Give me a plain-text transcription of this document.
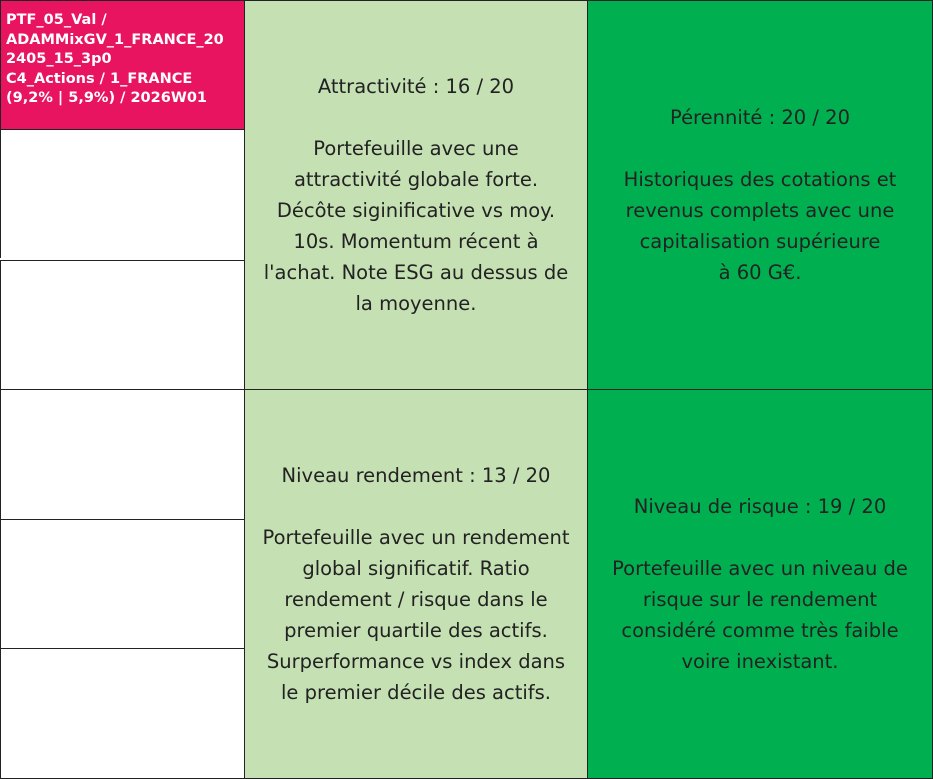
PTF_05_Val /
ADAMMixGV_1_FRANCE_20
2405_15_3p0
C4_Actions / 1_FRANCE
(9,2% | 5,9%) / 2026W01	Attractivité : 16 / 20
Portefeuille avec une
attractivité globale forte.
Décôte siginificative vs moy.
10s. Momentum récent à
l'achat. Note ESG au dessus de
la moyenne.
Pérennité : 20 / 20
Historiques des cotations et
revenus complets avec une
capitalisation supérieure
à 60 G€.
Niveau rendement : 13 / 20
Portefeuille avec un rendement
global significatif. Ratio
rendement / risque dans le
premier quartile des actifs.
Surperformance vs index dans
le premier décile des actifs.
Niveau de risque : 19 / 20
Portefeuille avec un niveau de
risque sur le rendement
considéré comme très faible
voire inexistant.
